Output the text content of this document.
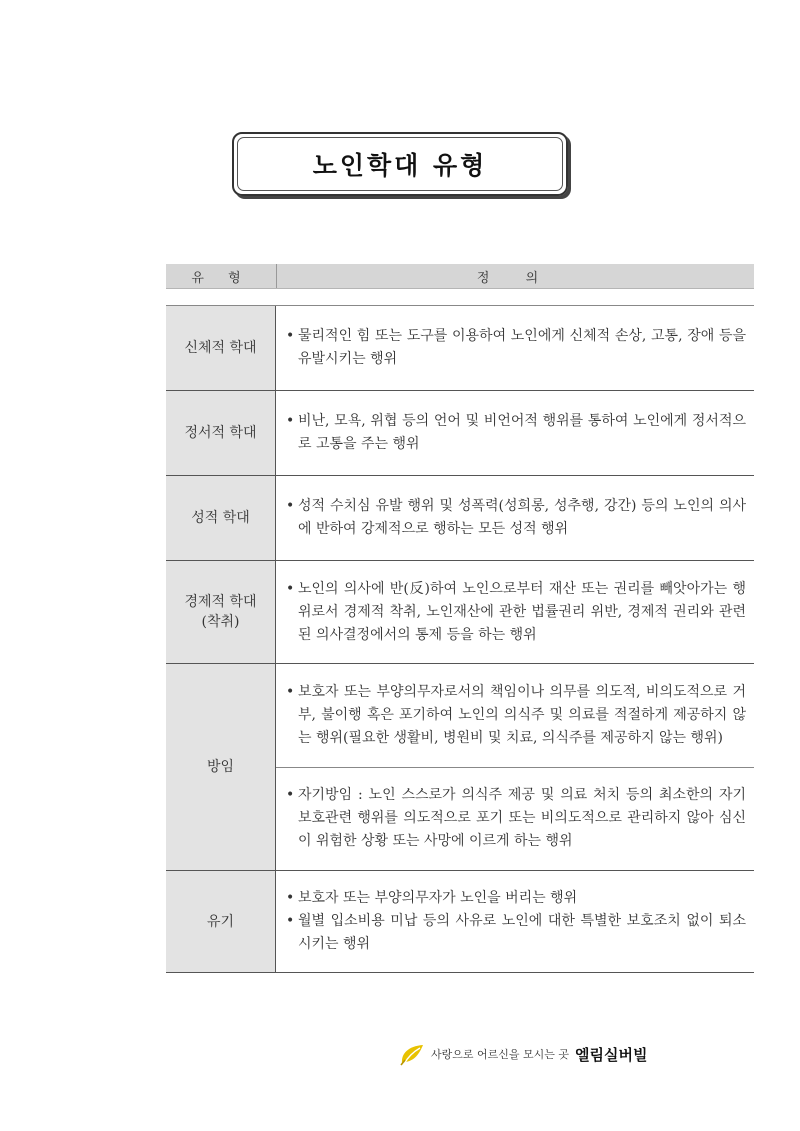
노인학대 유형
유 형	정 의
신체적 학대
• 물리적인 힘 또는 도구를 이용하여 노인에게 신체적 손상, 고통, 장애 등을 유발시키는 행위
정서적 학대
• 비난, 모욕, 위협 등의 언어 및 비언어적 행위를 통하여 노인에게 정서적으로 고통을 주는 행위
성적 학대
• 성적 수치심 유발 행위 및 성폭력(성희롱, 성추행, 강간) 등의 노인의 의사에 반하여 강제적으로 행하는 모든 성적 행위
경제적 학대
(착취)
• 노인의 의사에 반(反)하여 노인으로부터 재산 또는 권리를 빼앗아가는 행위로서 경제적 착취, 노인재산에 관한 법률권리 위반, 경제적 권리와 관련된 의사결정에서의 통제 등을 하는 행위
방임
• 보호자 또는 부양의무자로서의 책임이나 의무를 의도적, 비의도적으로 거부, 불이행 혹은 포기하여 노인의 의식주 및 의료를 적절하게 제공하지 않는 행위(필요한 생활비, 병원비 및 치료, 의식주를 제공하지 않는 행위)
• 자기방임 : 노인 스스로가 의식주 제공 및 의료 처치 등의 최소한의 자기 보호관련 행위를 의도적으로 포기 또는 비의도적으로 관리하지 않아 심신이 위험한 상황 또는 사망에 이르게 하는 행위
유기
• 보호자 또는 부양의무자가 노인을 버리는 행위
• 월별 입소비용 미납 등의 사유로 노인에 대한 특별한 보호조치 없이 퇴소시키는 행위
사랑으로 어르신을 모시는 곳 엘림실버빌
